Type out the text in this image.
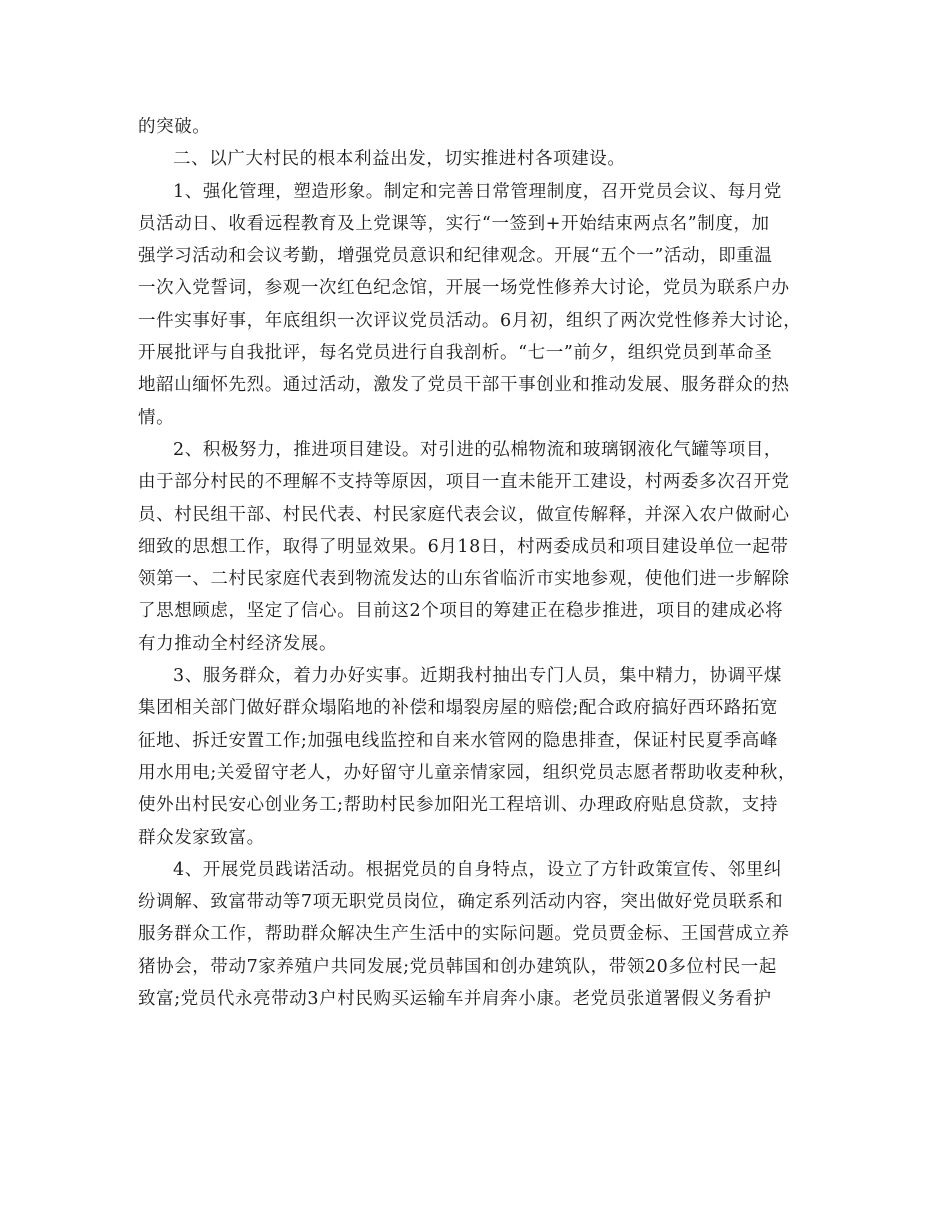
的突破。
二、以广大村民的根本利益出发，切实推进村各项建设。
1、强化管理，塑造形象。制定和完善日常管理制度，召开党员会议、每月党
员活动日、收看远程教育及上党课等，实行“一签到+开始结束两点名”制度，加
强学习活动和会议考勤，增强党员意识和纪律观念。开展“五个一”活动，即重温
一次入党誓词，参观一次红色纪念馆，开展一场党性修养大讨论，党员为联系户办
一件实事好事，年底组织一次评议党员活动。6月初，组织了两次党性修养大讨论，
开展批评与自我批评，每名党员进行自我剖析。“七一”前夕，组织党员到革命圣
地韶山缅怀先烈。通过活动，激发了党员干部干事创业和推动发展、服务群众的热
情。
2、积极努力，推进项目建设。对引进的弘棉物流和玻璃钢液化气罐等项目，
由于部分村民的不理解不支持等原因，项目一直未能开工建设，村两委多次召开党
员、村民组干部、村民代表、村民家庭代表会议，做宣传解释，并深入农户做耐心
细致的思想工作，取得了明显效果。6月18日，村两委成员和项目建设单位一起带
领第一、二村民家庭代表到物流发达的山东省临沂市实地参观，使他们进一步解除
了思想顾虑，坚定了信心。目前这2个项目的筹建正在稳步推进，项目的建成必将
有力推动全村经济发展。
3、服务群众，着力办好实事。近期我村抽出专门人员，集中精力，协调平煤
集团相关部门做好群众塌陷地的补偿和塌裂房屋的赔偿;配合政府搞好西环路拓宽
征地、拆迁安置工作;加强电线监控和自来水管网的隐患排查，保证村民夏季高峰
用水用电;关爱留守老人，办好留守儿童亲情家园，组织党员志愿者帮助收麦种秋，
使外出村民安心创业务工;帮助村民参加阳光工程培训、办理政府贴息贷款，支持
群众发家致富。
4、开展党员践诺活动。根据党员的自身特点，设立了方针政策宣传、邻里纠
纷调解、致富带动等7项无职党员岗位，确定系列活动内容，突出做好党员联系和
服务群众工作，帮助群众解决生产生活中的实际问题。党员贾金标、王国营成立养
猪协会，带动7家养殖户共同发展;党员韩国和创办建筑队，带领20多位村民一起
致富;党员代永亮带动3户村民购买运输车并肩奔小康。老党员张道署假义务看护
